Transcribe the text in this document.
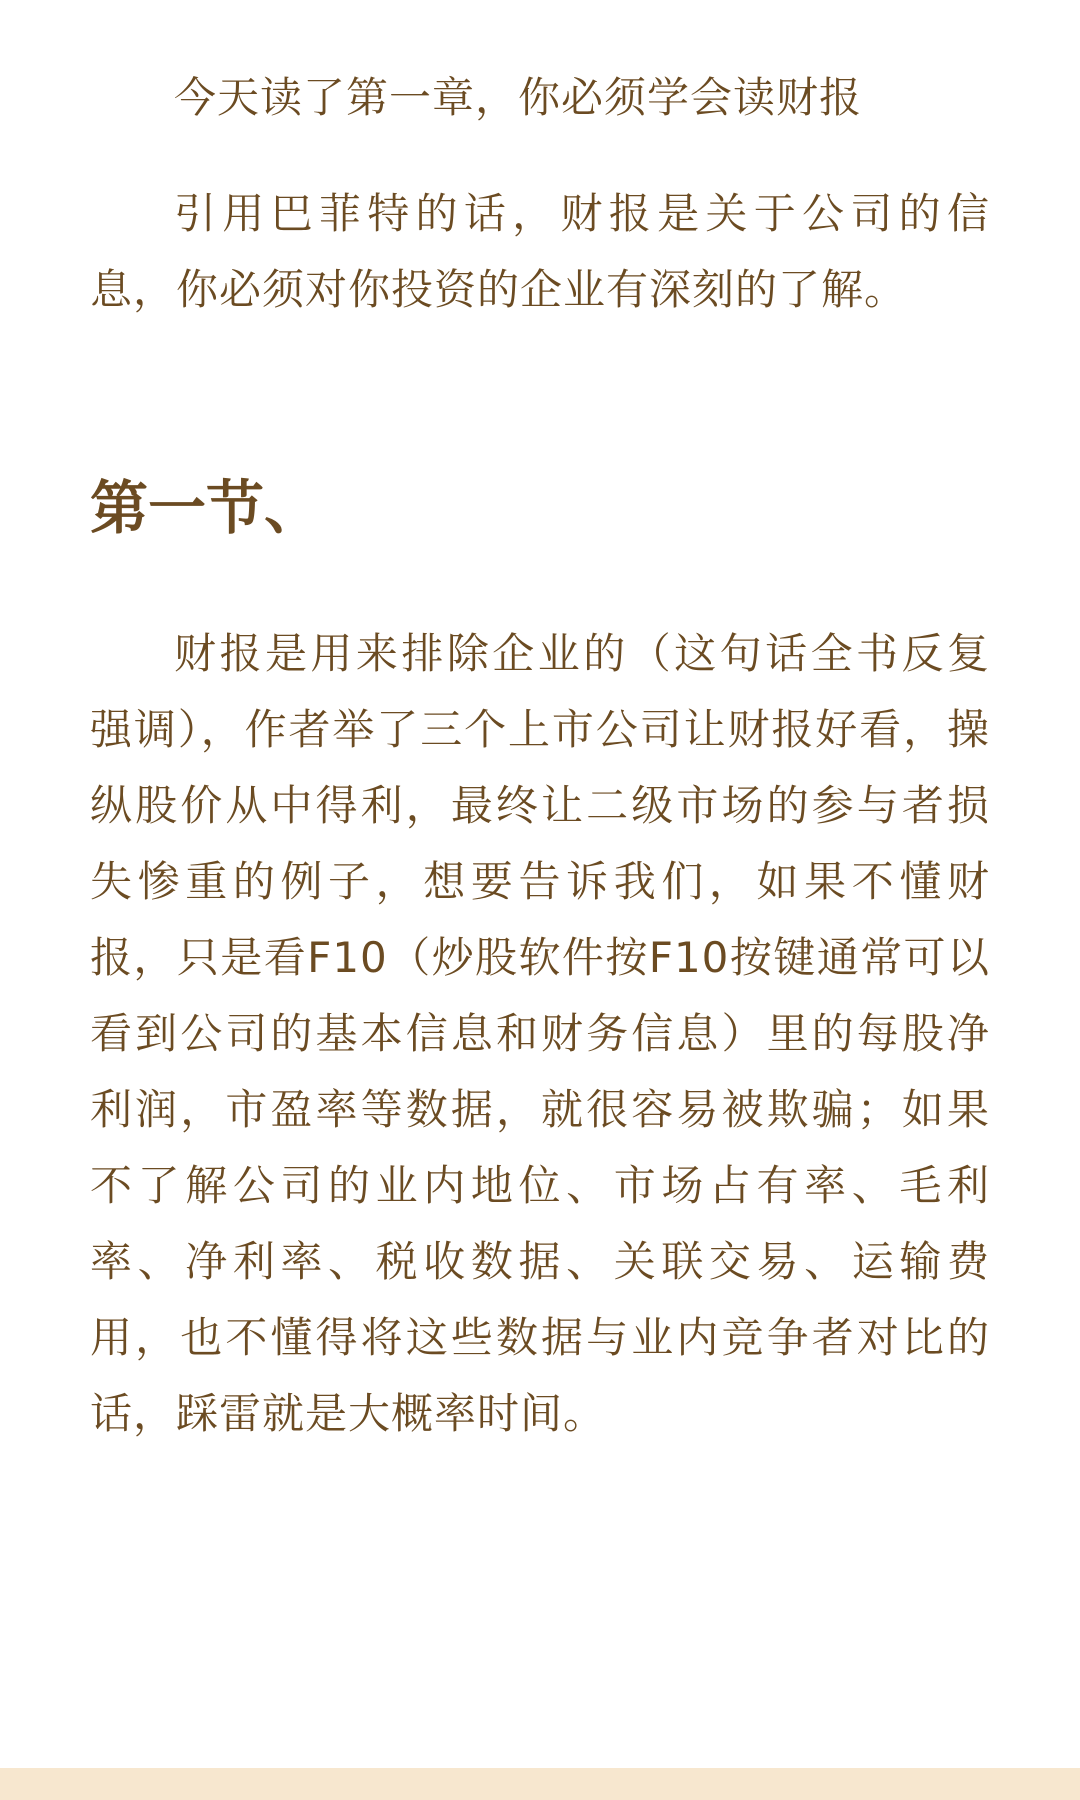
今天读了第一章，你必须学会读财报

引用巴菲特的话，财报是关于公司的信息，你必须对你投资的企业有深刻的了解。

第一节、

财报是用来排除企业的（这句话全书反复强调），作者举了三个上市公司让财报好看，操纵股价从中得利，最终让二级市场的参与者损失惨重的例子，想要告诉我们，如果不懂财报，只是看F10（炒股软件按F10按键通常可以看到公司的基本信息和财务信息）里的每股净利润，市盈率等数据，就很容易被欺骗；如果不了解公司的业内地位、市场占有率、毛利率、净利率、税收数据、关联交易、运输费用，也不懂得将这些数据与业内竞争者对比的话，踩雷就是大概率时间。
